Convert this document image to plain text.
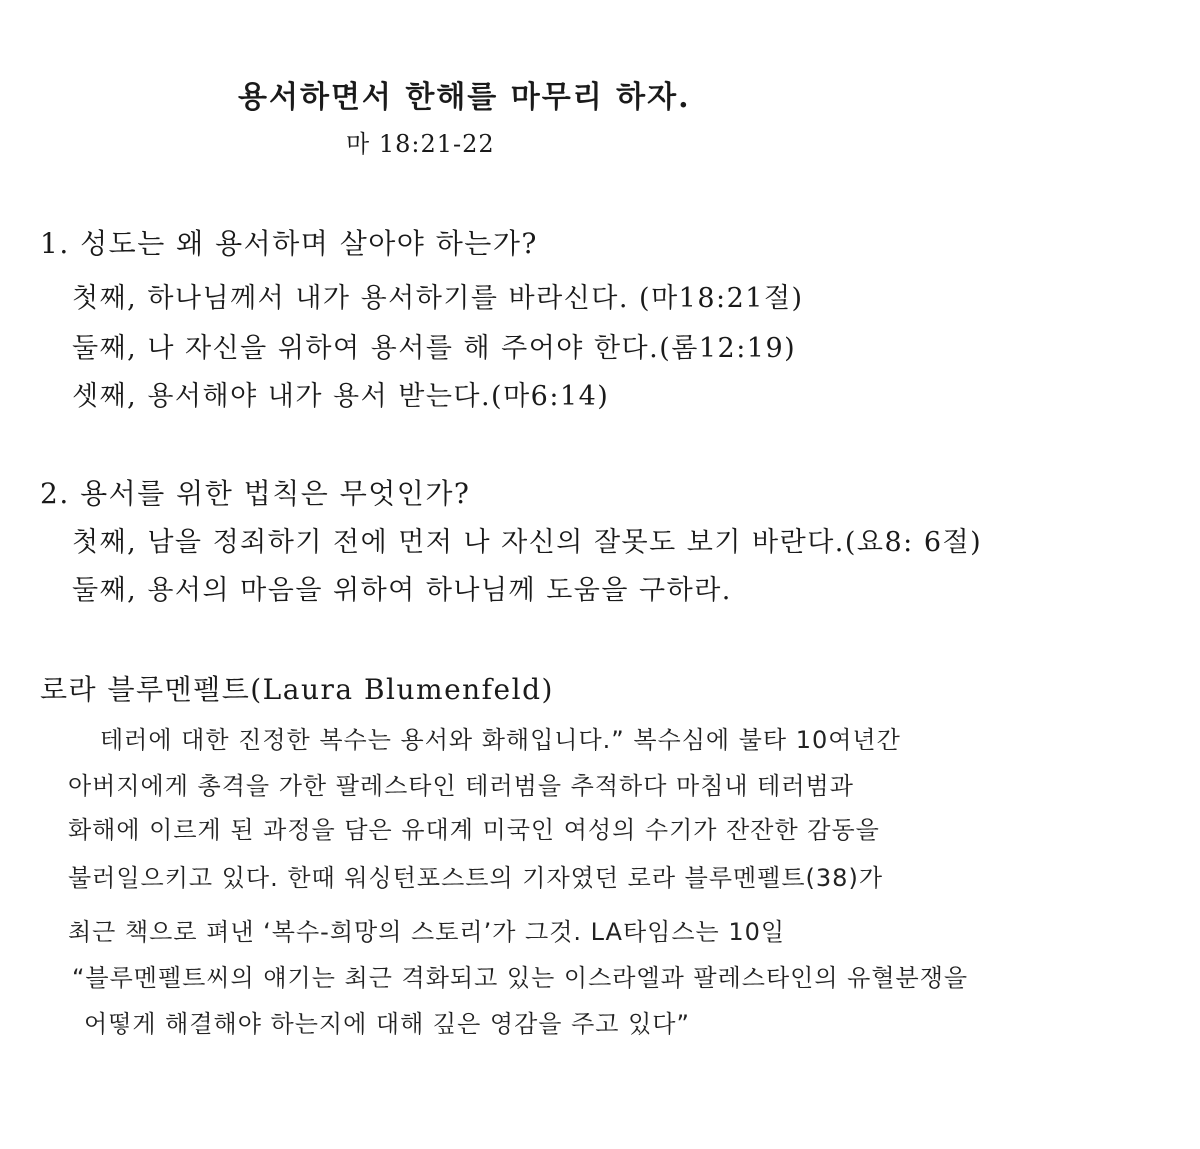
용서하면서 한해를 마무리 하자.
마 18:21-22
1. 성도는 왜 용서하며 살아야 하는가?
첫째, 하나님께서 내가 용서하기를 바라신다. (마18:21절)
둘째, 나 자신을 위하여 용서를 해 주어야 한다.(롬12:19)
셋째, 용서해야 내가 용서 받는다.(마6:14)
2. 용서를 위한 법칙은 무엇인가?
첫째, 남을 정죄하기 전에 먼저 나 자신의 잘못도 보기 바란다.(요8: 6절)
둘째, 용서의 마음을 위하여 하나님께 도움을 구하라.
로라 블루멘펠트(Laura Blumenfeld)
테러에 대한 진정한 복수는 용서와 화해입니다.” 복수심에 불타 10여년간
아버지에게 총격을 가한 팔레스타인 테러범을 추적하다 마침내 테러범과
화해에 이르게 된 과정을 담은 유대계 미국인 여성의 수기가 잔잔한 감동을
불러일으키고 있다. 한때 워싱턴포스트의 기자였던 로라 블루멘펠트(38)가
최근 책으로 펴낸 ‘복수-희망의 스토리’가 그것. LA타임스는 10일
“블루멘펠트씨의 얘기는 최근 격화되고 있는 이스라엘과 팔레스타인의 유혈분쟁을
어떻게 해결해야 하는지에 대해 깊은 영감을 주고 있다”
